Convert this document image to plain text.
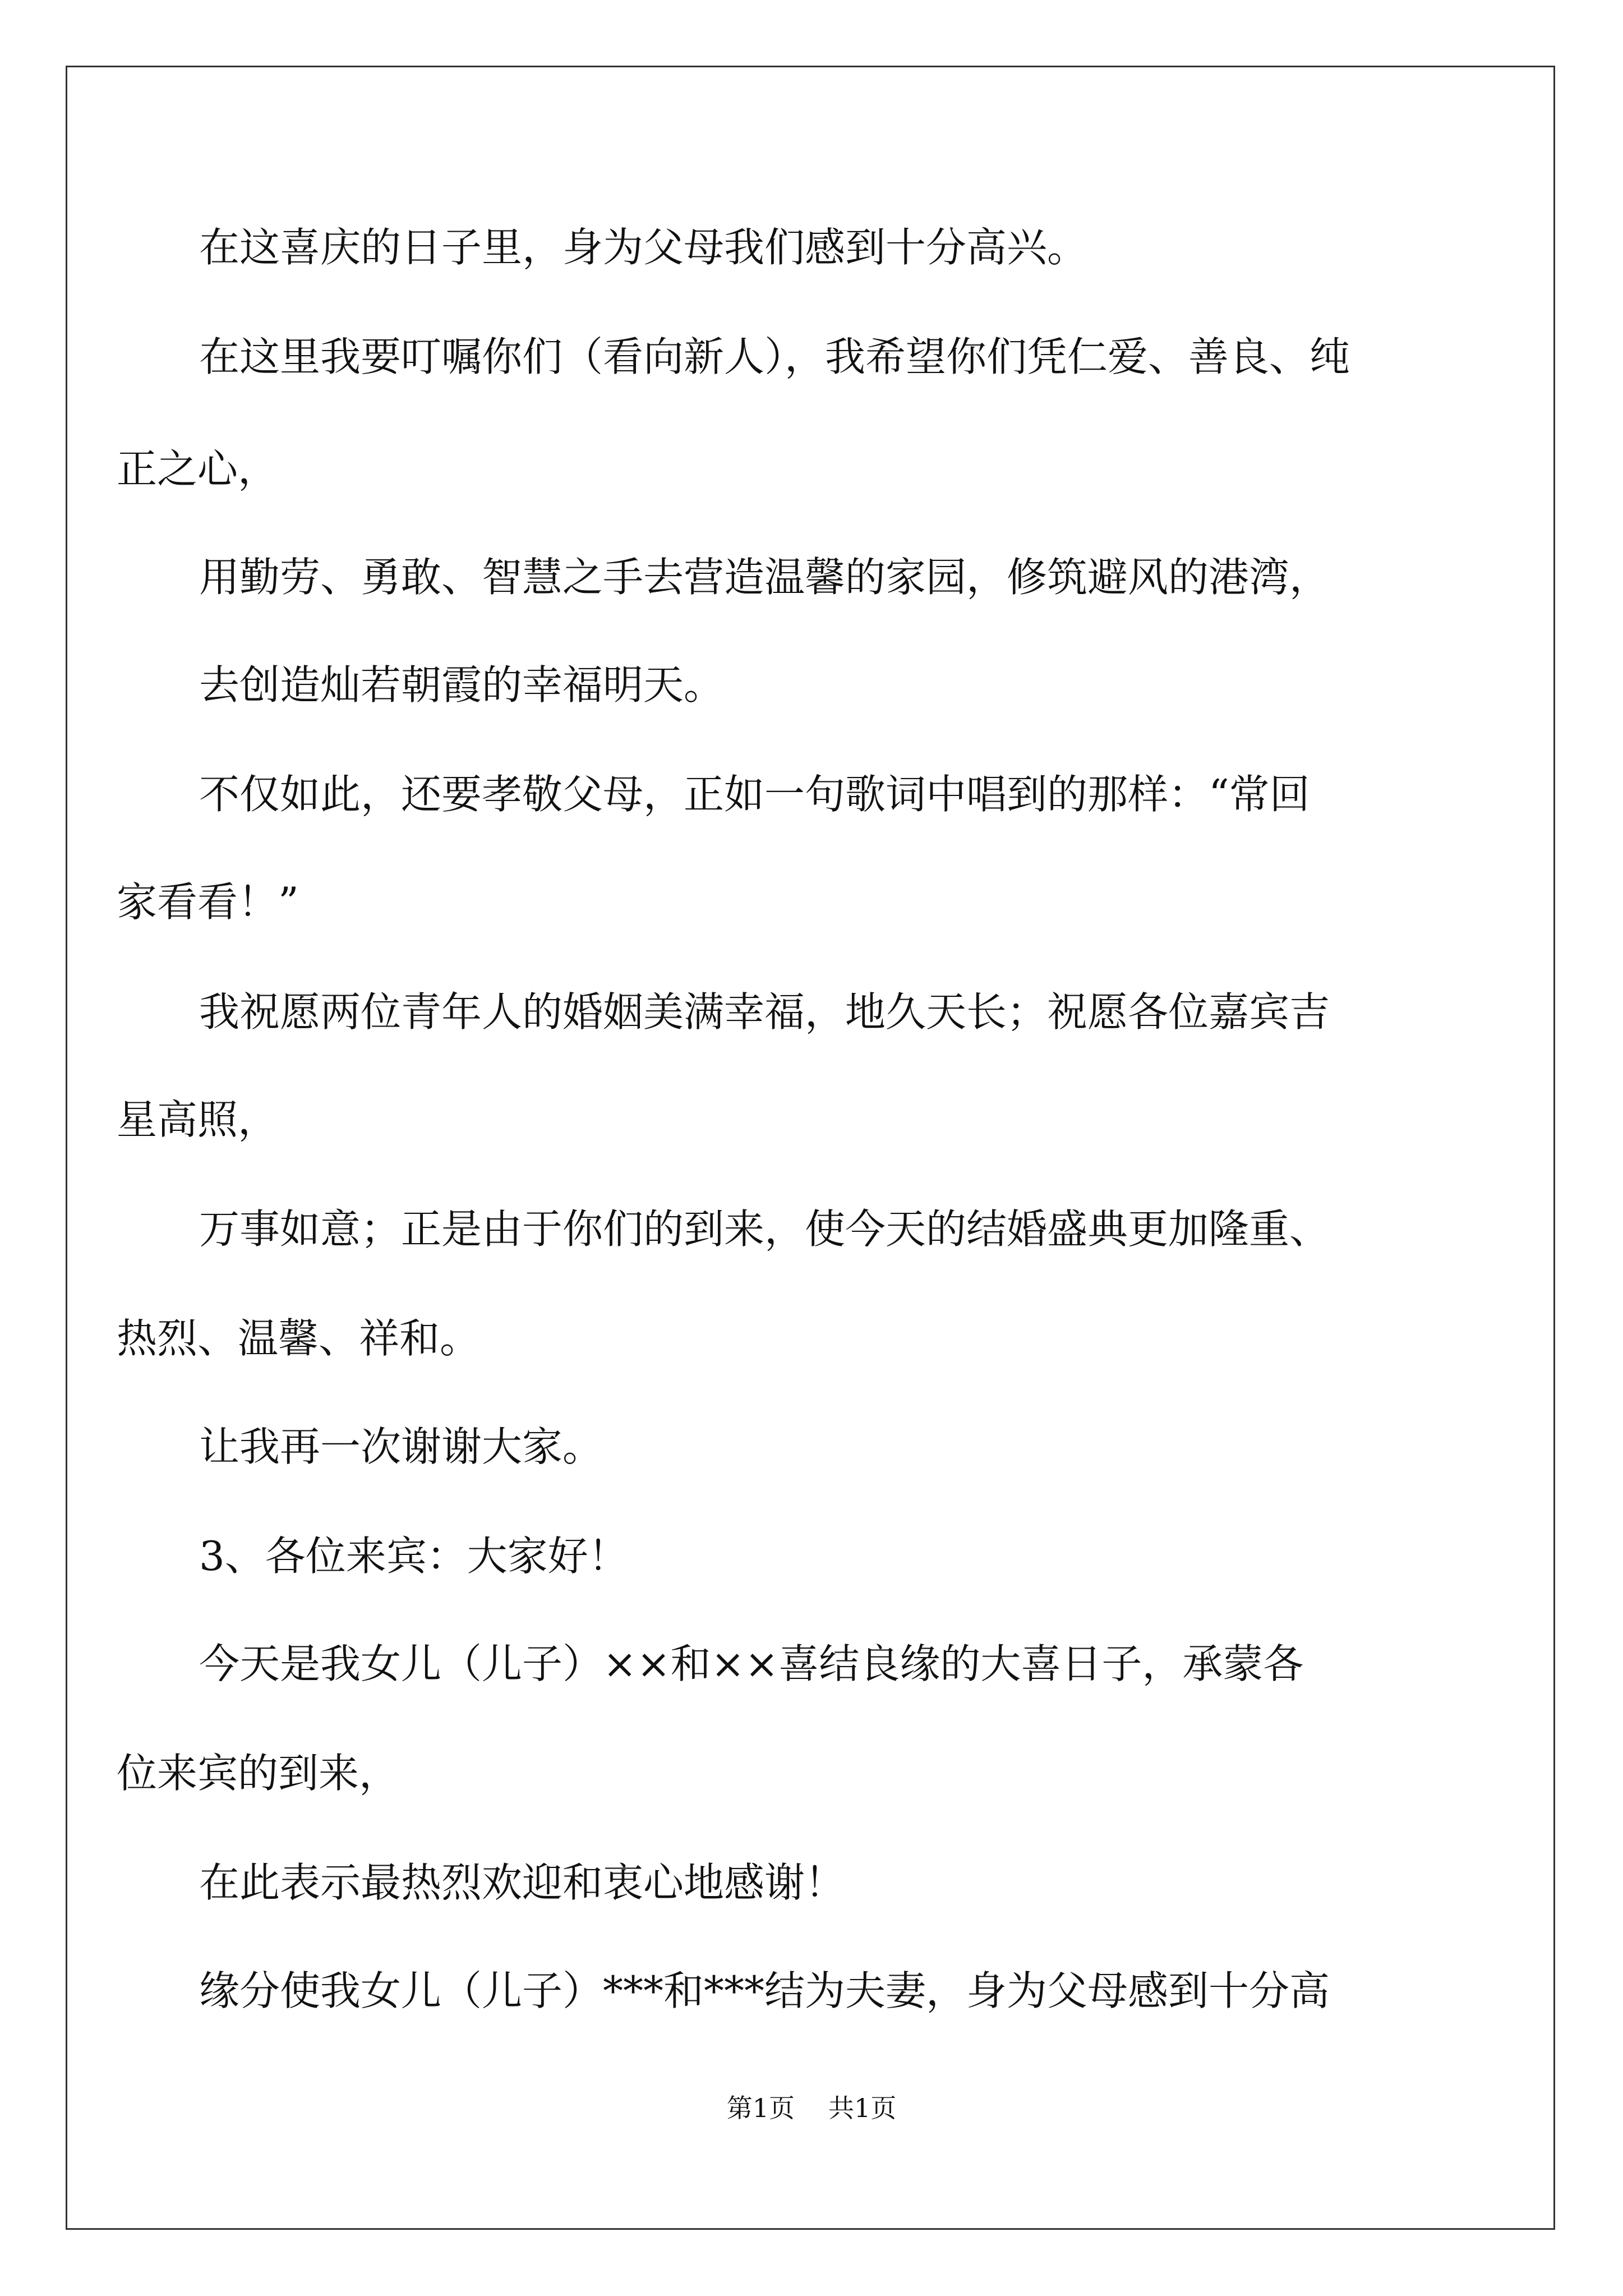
在这喜庆的日子里，身为父母我们感到十分高兴。
在这里我要叮嘱你们（看向新人），我希望你们凭仁爱、善良、纯
正之心，
用勤劳、勇敢、智慧之手去营造温馨的家园，修筑避风的港湾，
去创造灿若朝霞的幸福明天。
不仅如此，还要孝敬父母，正如一句歌词中唱到的那样：“常回
家看看！”
我祝愿两位青年人的婚姻美满幸福，地久天长；祝愿各位嘉宾吉
星高照，
万事如意；正是由于你们的到来，使今天的结婚盛典更加隆重、
热烈、温馨、祥和。
让我再一次谢谢大家。
3、各位来宾：大家好！
今天是我女儿（儿子）××和××喜结良缘的大喜日子，承蒙各
位来宾的到来，
在此表示最热烈欢迎和衷心地感谢！
缘分使我女儿（儿子）***和***结为夫妻，身为父母感到十分高
第1页 共1页
